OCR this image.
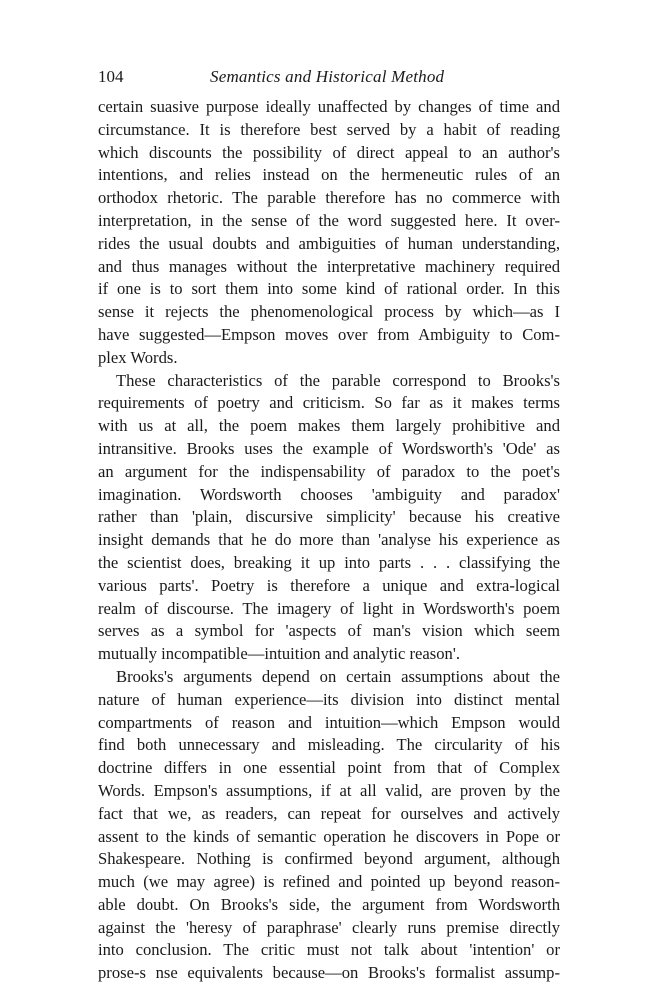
104	Semantics and Historical Method
certain suasive purpose ideally unaffected by changes of time and
circumstance. It is therefore best served by a habit of reading
which discounts the possibility of direct appeal to an author's
intentions, and relies instead on the hermeneutic rules of an
orthodox rhetoric. The parable therefore has no commerce with
interpretation, in the sense of the word suggested here. It over-
rides the usual doubts and ambiguities of human understanding,
and thus manages without the interpretative machinery required
if one is to sort them into some kind of rational order. In this
sense it rejects the phenomenological process by which—as I
have suggested—Empson moves over from Ambiguity to Com-
plex Words.
These characteristics of the parable correspond to Brooks's
requirements of poetry and criticism. So far as it makes terms
with us at all, the poem makes them largely prohibitive and
intransitive. Brooks uses the example of Wordsworth's 'Ode' as
an argument for the indispensability of paradox to the poet's
imagination. Wordsworth chooses 'ambiguity and paradox'
rather than 'plain, discursive simplicity' because his creative
insight demands that he do more than 'analyse his experience as
the scientist does, breaking it up into parts . . . classifying the
various parts'. Poetry is therefore a unique and extra-logical
realm of discourse. The imagery of light in Wordsworth's poem
serves as a symbol for 'aspects of man's vision which seem
mutually incompatible—intuition and analytic reason'.
Brooks's arguments depend on certain assumptions about the
nature of human experience—its division into distinct mental
compartments of reason and intuition—which Empson would
find both unnecessary and misleading. The circularity of his
doctrine differs in one essential point from that of Complex
Words. Empson's assumptions, if at all valid, are proven by the
fact that we, as readers, can repeat for ourselves and actively
assent to the kinds of semantic operation he discovers in Pope or
Shakespeare. Nothing is confirmed beyond argument, although
much (we may agree) is refined and pointed up beyond reason-
able doubt. On Brooks's side, the argument from Wordsworth
against the 'heresy of paraphrase' clearly runs premise directly
into conclusion. The critic must not talk about 'intention' or
prose-s nse equivalents because—on Brooks's formalist assump-
